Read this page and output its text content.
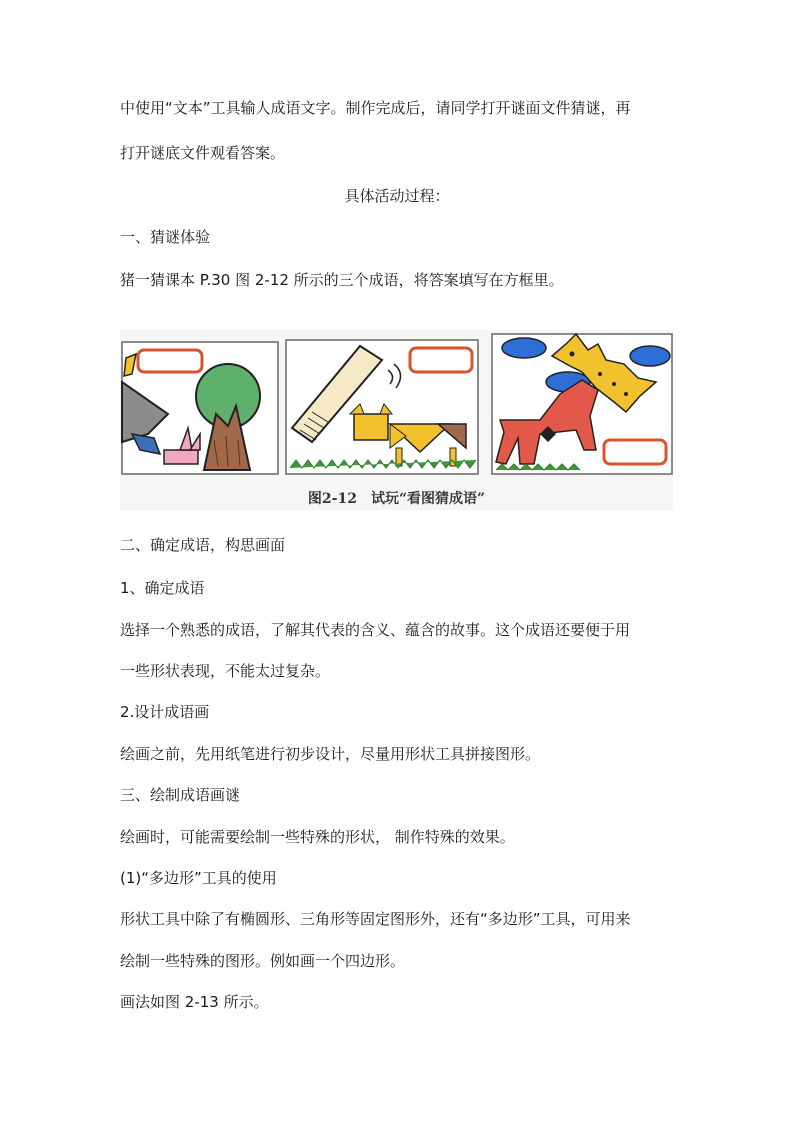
中使用“文本”工具输人成语文字。制作完成后，请同学打开谜面文件猜谜，再
打开谜底文件观看答案。
具体活动过程：
一、猜谜体验
猪一猜课本 P.30 图 2-12 所示的三个成语，将答案填写在方框里。
图2-12　试玩“看图猜成语”
二、确定成语，构思画面
1、确定成语
选择一个熟悉的成语，了解其代表的含义、蕴含的故事。这个成语还要便于用
一些形状表现，不能太过复杂。
2.设计成语画
绘画之前，先用纸笔进行初步设计，尽量用形状工具拼接图形。
三、绘制成语画谜
绘画时，可能需要绘制一些特殊的形状， 制作特殊的效果。
(1)“多边形”工具的使用
形状工具中除了有椭圆形、三角形等固定图形外，还有“多边形”工具，可用来
绘制一些特殊的图形。例如画一个四边形。
画法如图 2-13 所示。
